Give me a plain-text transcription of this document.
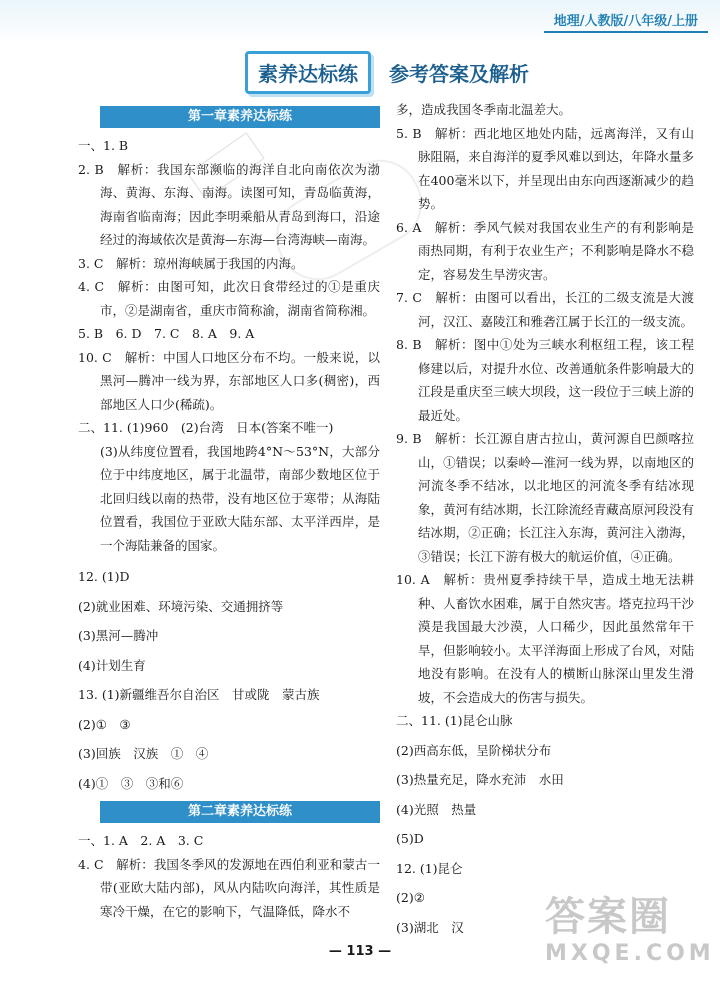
地理/人教版/八年级/上册
素养达标练	参考答案及解析
第一章素养达标练

一、1. B

2. B　解析：我国东部濒临的海洋自北向南依次为渤海、黄海、东海、南海。读图可知，青岛临黄海，海南省临南海；因此李明乘船从青岛到海口，沿途经过的海域依次是黄海—东海—台湾海峡—南海。

3. C　解析：琼州海峡属于我国的内海。

4. C　解析：由图可知，此次日食带经过的①是重庆市，②是湖南省，重庆市简称渝，湖南省简称湘。

5. B　6. D　7. C　8. A　9. A

10. C　解析：中国人口地区分布不均。一般来说，以黑河—腾冲一线为界，东部地区人口多(稠密)，西部地区人口少(稀疏)。

二、11. (1)960　(2)台湾　日本(答案不唯一)

(3)从纬度位置看，我国地跨4°N～53°N，大部分位于中纬度地区，属于北温带，南部少数地区位于北回归线以南的热带，没有地区位于寒带；从海陆位置看，我国位于亚欧大陆东部、太平洋西岸，是一个海陆兼备的国家。

12. (1)D

(2)就业困难、环境污染、交通拥挤等

(3)黑河—腾冲

(4)计划生育

13. (1)新疆维吾尔自治区　甘或陇　蒙古族

(2)①　③

(3)回族　汉族　①　④

(4)①　③　③和⑥

第二章素养达标练

一、1. A　2. A　3. C

4. C　解析：我国冬季风的发源地在西伯利亚和蒙古一带(亚欧大陆内部)，风从内陆吹向海洋，其性质是寒冷干燥，在它的影响下，气温降低，降水不

多，造成我国冬季南北温差大。

5. B　解析：西北地区地处内陆，远离海洋，又有山脉阻隔，来自海洋的夏季风难以到达，年降水量多在400毫米以下，并呈现出由东向西逐渐减少的趋势。

6. A　解析：季风气候对我国农业生产的有利影响是雨热同期，有利于农业生产；不利影响是降水不稳定，容易发生旱涝灾害。

7. C　解析：由图可以看出，长江的二级支流是大渡河，汉江、嘉陵江和雅砻江属于长江的一级支流。

8. B　解析：图中①处为三峡水利枢纽工程，该工程修建以后，对提升水位、改善通航条件影响最大的江段是重庆至三峡大坝段，这一段位于三峡上游的最近处。

9. B　解析：长江源自唐古拉山，黄河源自巴颜喀拉山，①错误；以秦岭—淮河一线为界，以南地区的河流冬季不结冰，以北地区的河流冬季有结冰现象，黄河有结冰期，长江除流经青藏高原河段没有结冰期，②正确；长江注入东海，黄河注入渤海，③错误；长江下游有极大的航运价值，④正确。

10. A　解析：贵州夏季持续干旱，造成土地无法耕种、人畜饮水困难，属于自然灾害。塔克拉玛干沙漠是我国最大沙漠，人口稀少，因此虽然常年干旱，但影响较小。太平洋海面上形成了台风，对陆地没有影响。在没有人的横断山脉深山里发生滑坡，不会造成大的伤害与损失。

二、11. (1)昆仑山脉

(2)西高东低，呈阶梯状分布

(3)热量充足，降水充沛　水田

(4)光照　热量

(5)D

12. (1)昆仑

(2)②

(3)湖北　汉

— 113 —
答案圈
MXQE.COM
